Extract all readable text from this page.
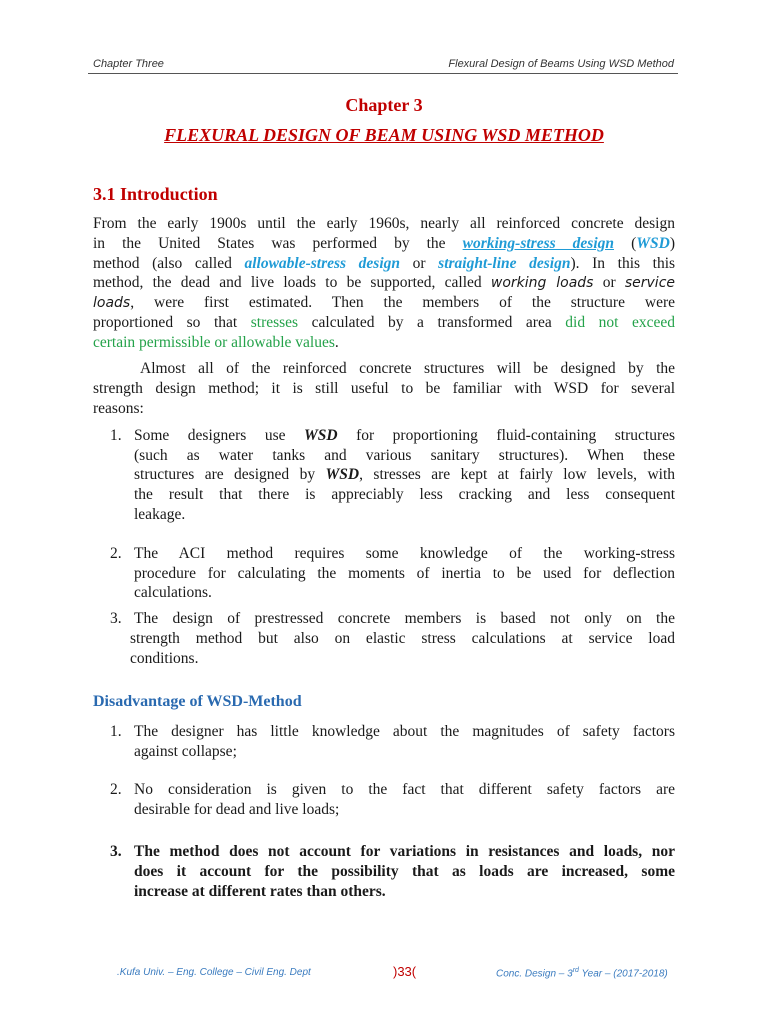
Chapter Three	Flexural Design of Beams Using WSD Method
Chapter 3
FLEXURAL DESIGN OF BEAM USING WSD METHOD
3.1 Introduction
From the early 1900s until the early 1960s, nearly all reinforced concrete design
in the United States was performed by the working-stress design (WSD)
method (also called allowable-stress design or straight-line design). In this this
method, the dead and live loads to be supported, called working loads or service
loads, were first estimated. Then the members of the structure were
proportioned so that stresses calculated by a transformed area did not exceed
certain permissible or allowable values.
Almost all of the reinforced concrete structures will be designed by the
strength design method; it is still useful to be familiar with WSD for several
reasons:
1. Some designers use WSD for proportioning fluid-containing structures
(such as water tanks and various sanitary structures). When these
structures are designed by WSD, stresses are kept at fairly low levels, with
the result that there is appreciably less cracking and less consequent
leakage.
2. The ACI method requires some knowledge of the working-stress
procedure for calculating the moments of inertia to be used for deflection
calculations.
3. The design of prestressed concrete members is based not only on the
strength method but also on elastic stress calculations at service load
conditions.
Disadvantage of WSD-Method
1. The designer has little knowledge about the magnitudes of safety factors
against collapse;
2. No consideration is given to the fact that different safety factors are
desirable for dead and live loads;
3. The method does not account for variations in resistances and loads, nor
does it account for the possibility that as loads are increased, some
increase at different rates than others.
.Kufa Univ. – Eng. College – Civil Eng. Dept	)33(	Conc. Design – 3rd Year – (2017-2018)
